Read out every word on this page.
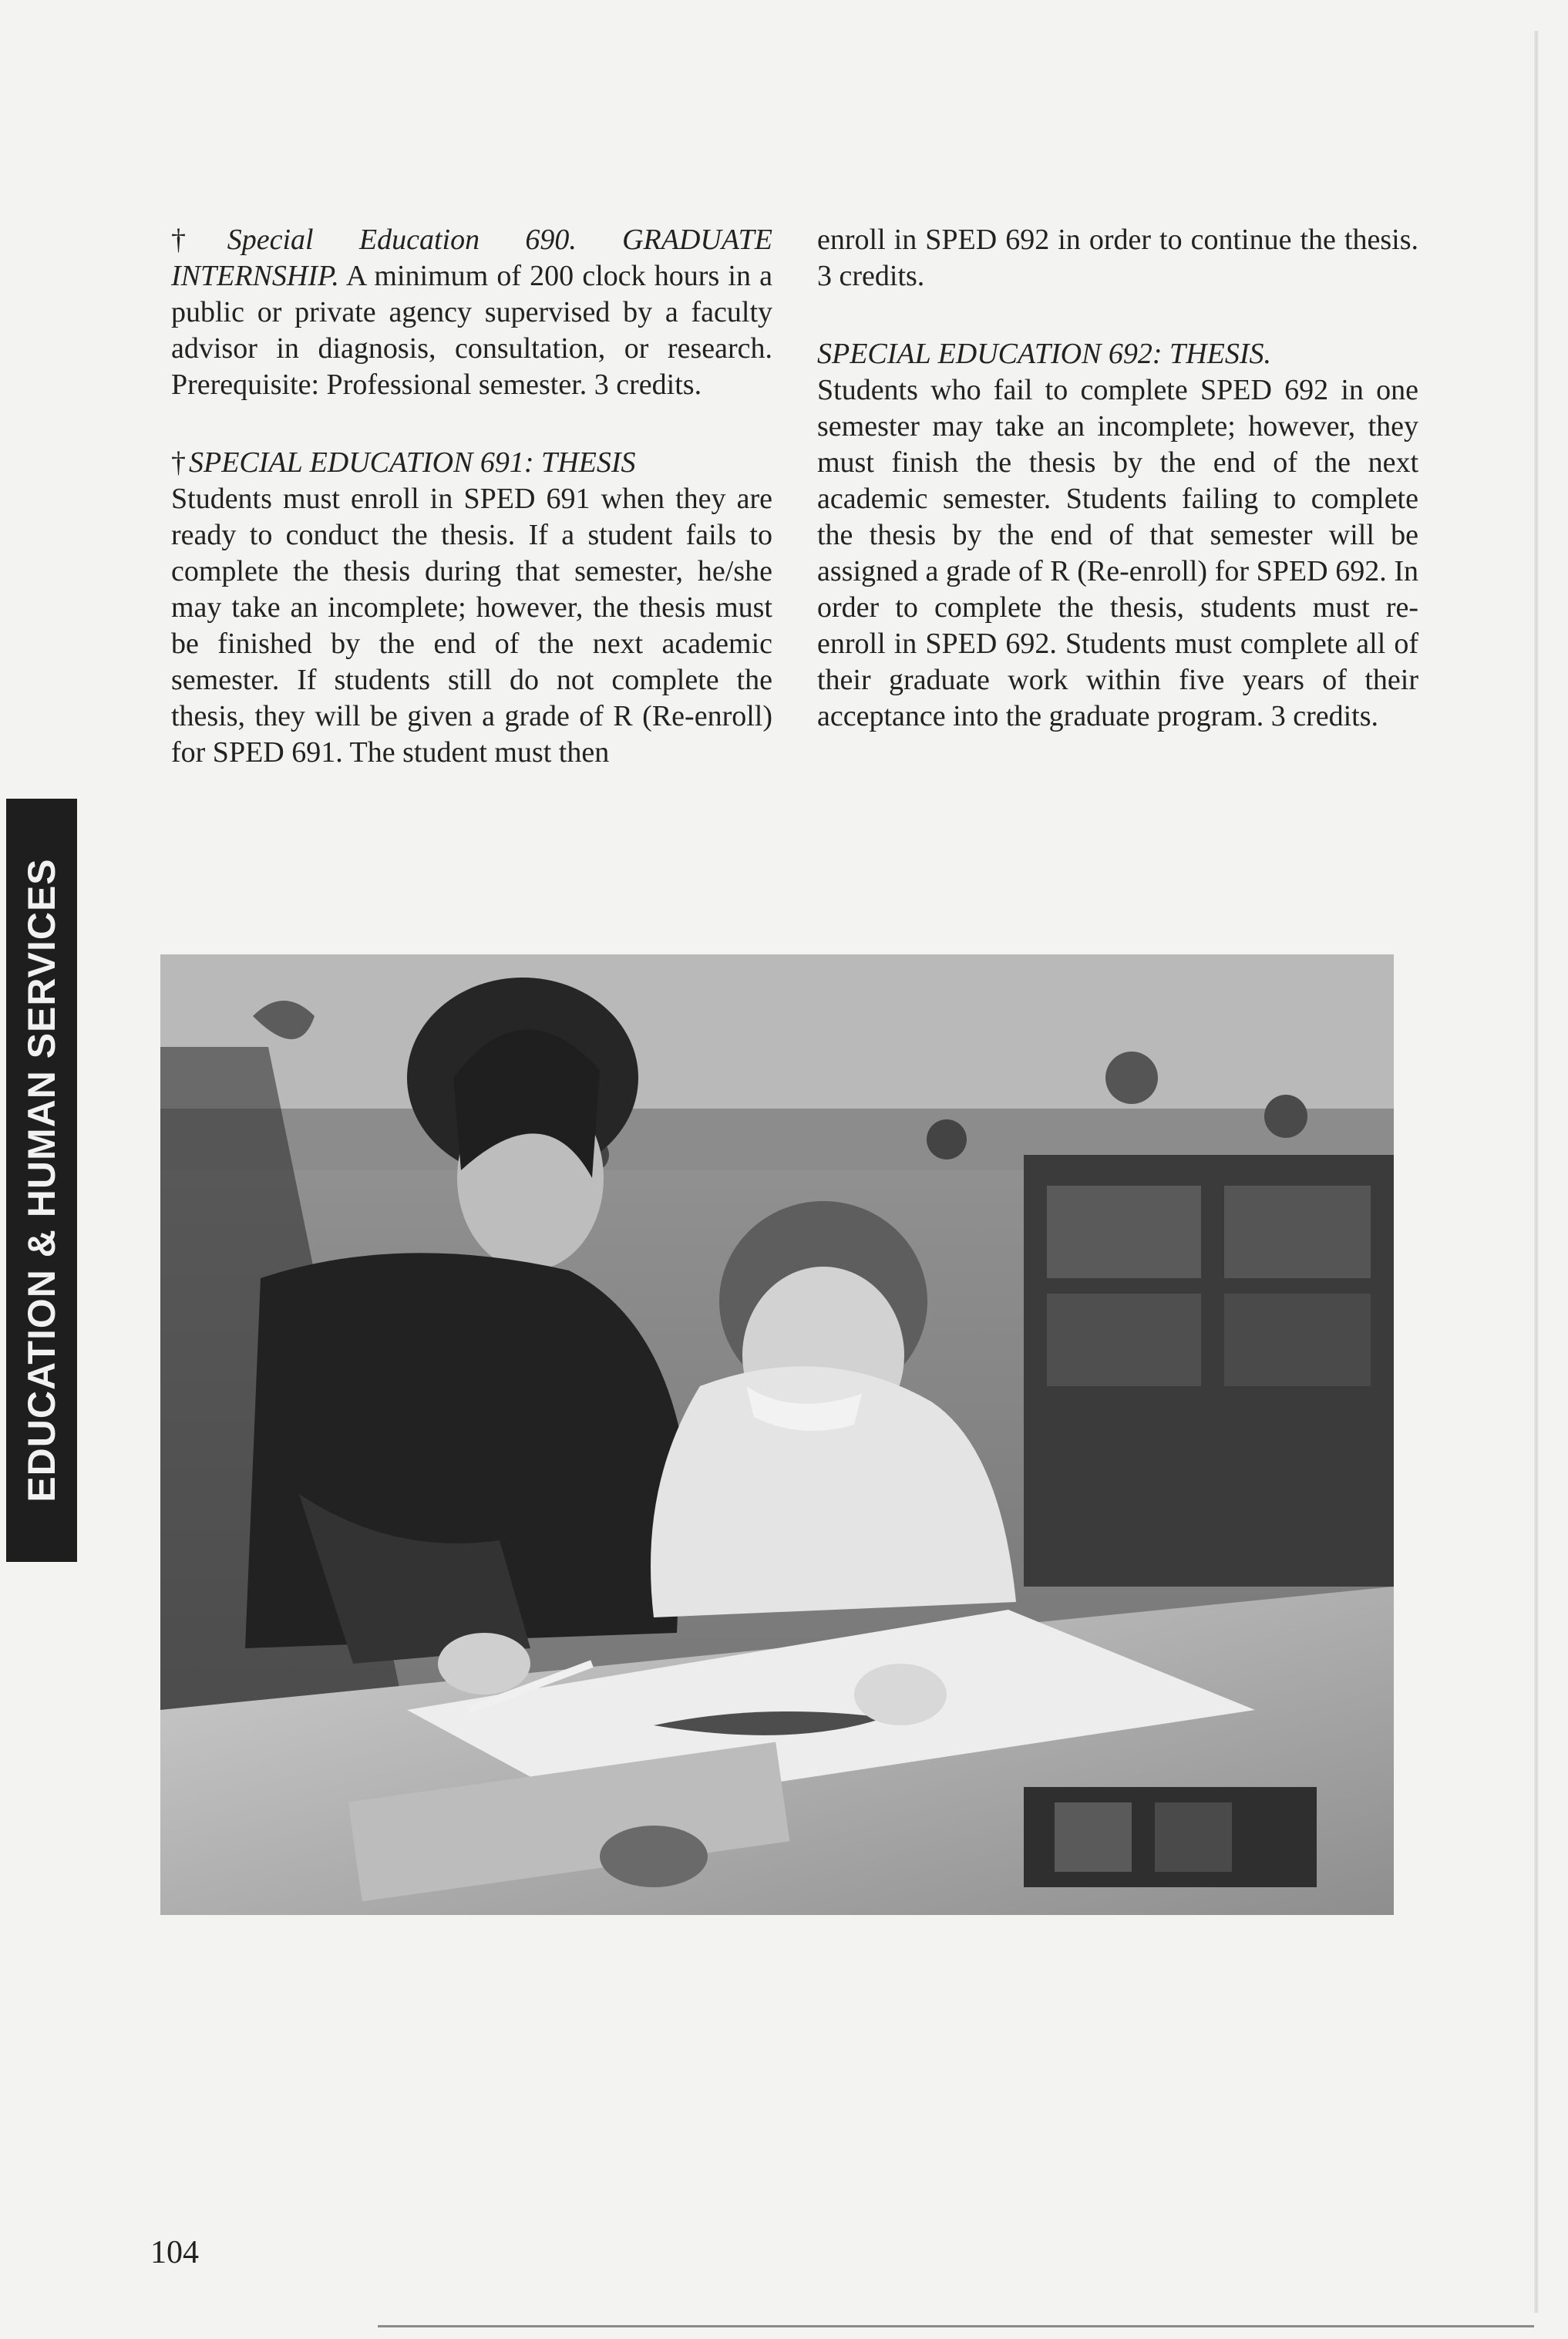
† Special Education 690. GRADUATE INTERNSHIP. A minimum of 200 clock hours in a public or private agency supervised by a faculty advisor in diagnosis, consultation, or research. Prerequisite: Professional semester. 3 credits.

† SPECIAL EDUCATION 691: THESIS

Students must enroll in SPED 691 when they are ready to conduct the thesis. If a student fails to complete the thesis during that semester, he/she may take an incomplete; however, the thesis must be finished by the end of the next academic semester. If students still do not complete the thesis, they will be given a grade of R (Re-enroll) for SPED 691. The student must then

enroll in SPED 692 in order to continue the thesis. 3 credits.

SPECIAL EDUCATION 692: THESIS.

Students who fail to complete SPED 692 in one semester may take an incomplete; however, they must finish the thesis by the end of the next academic semester. Students failing to complete the thesis by the end of that semester will be assigned a grade of R (Re-enroll) for SPED 692. In order to complete the thesis, students must re-enroll in SPED 692. Students must complete all of their graduate work within five years of their acceptance into the graduate program. 3 credits.

EDUCATION & HUMAN SERVICES
104
